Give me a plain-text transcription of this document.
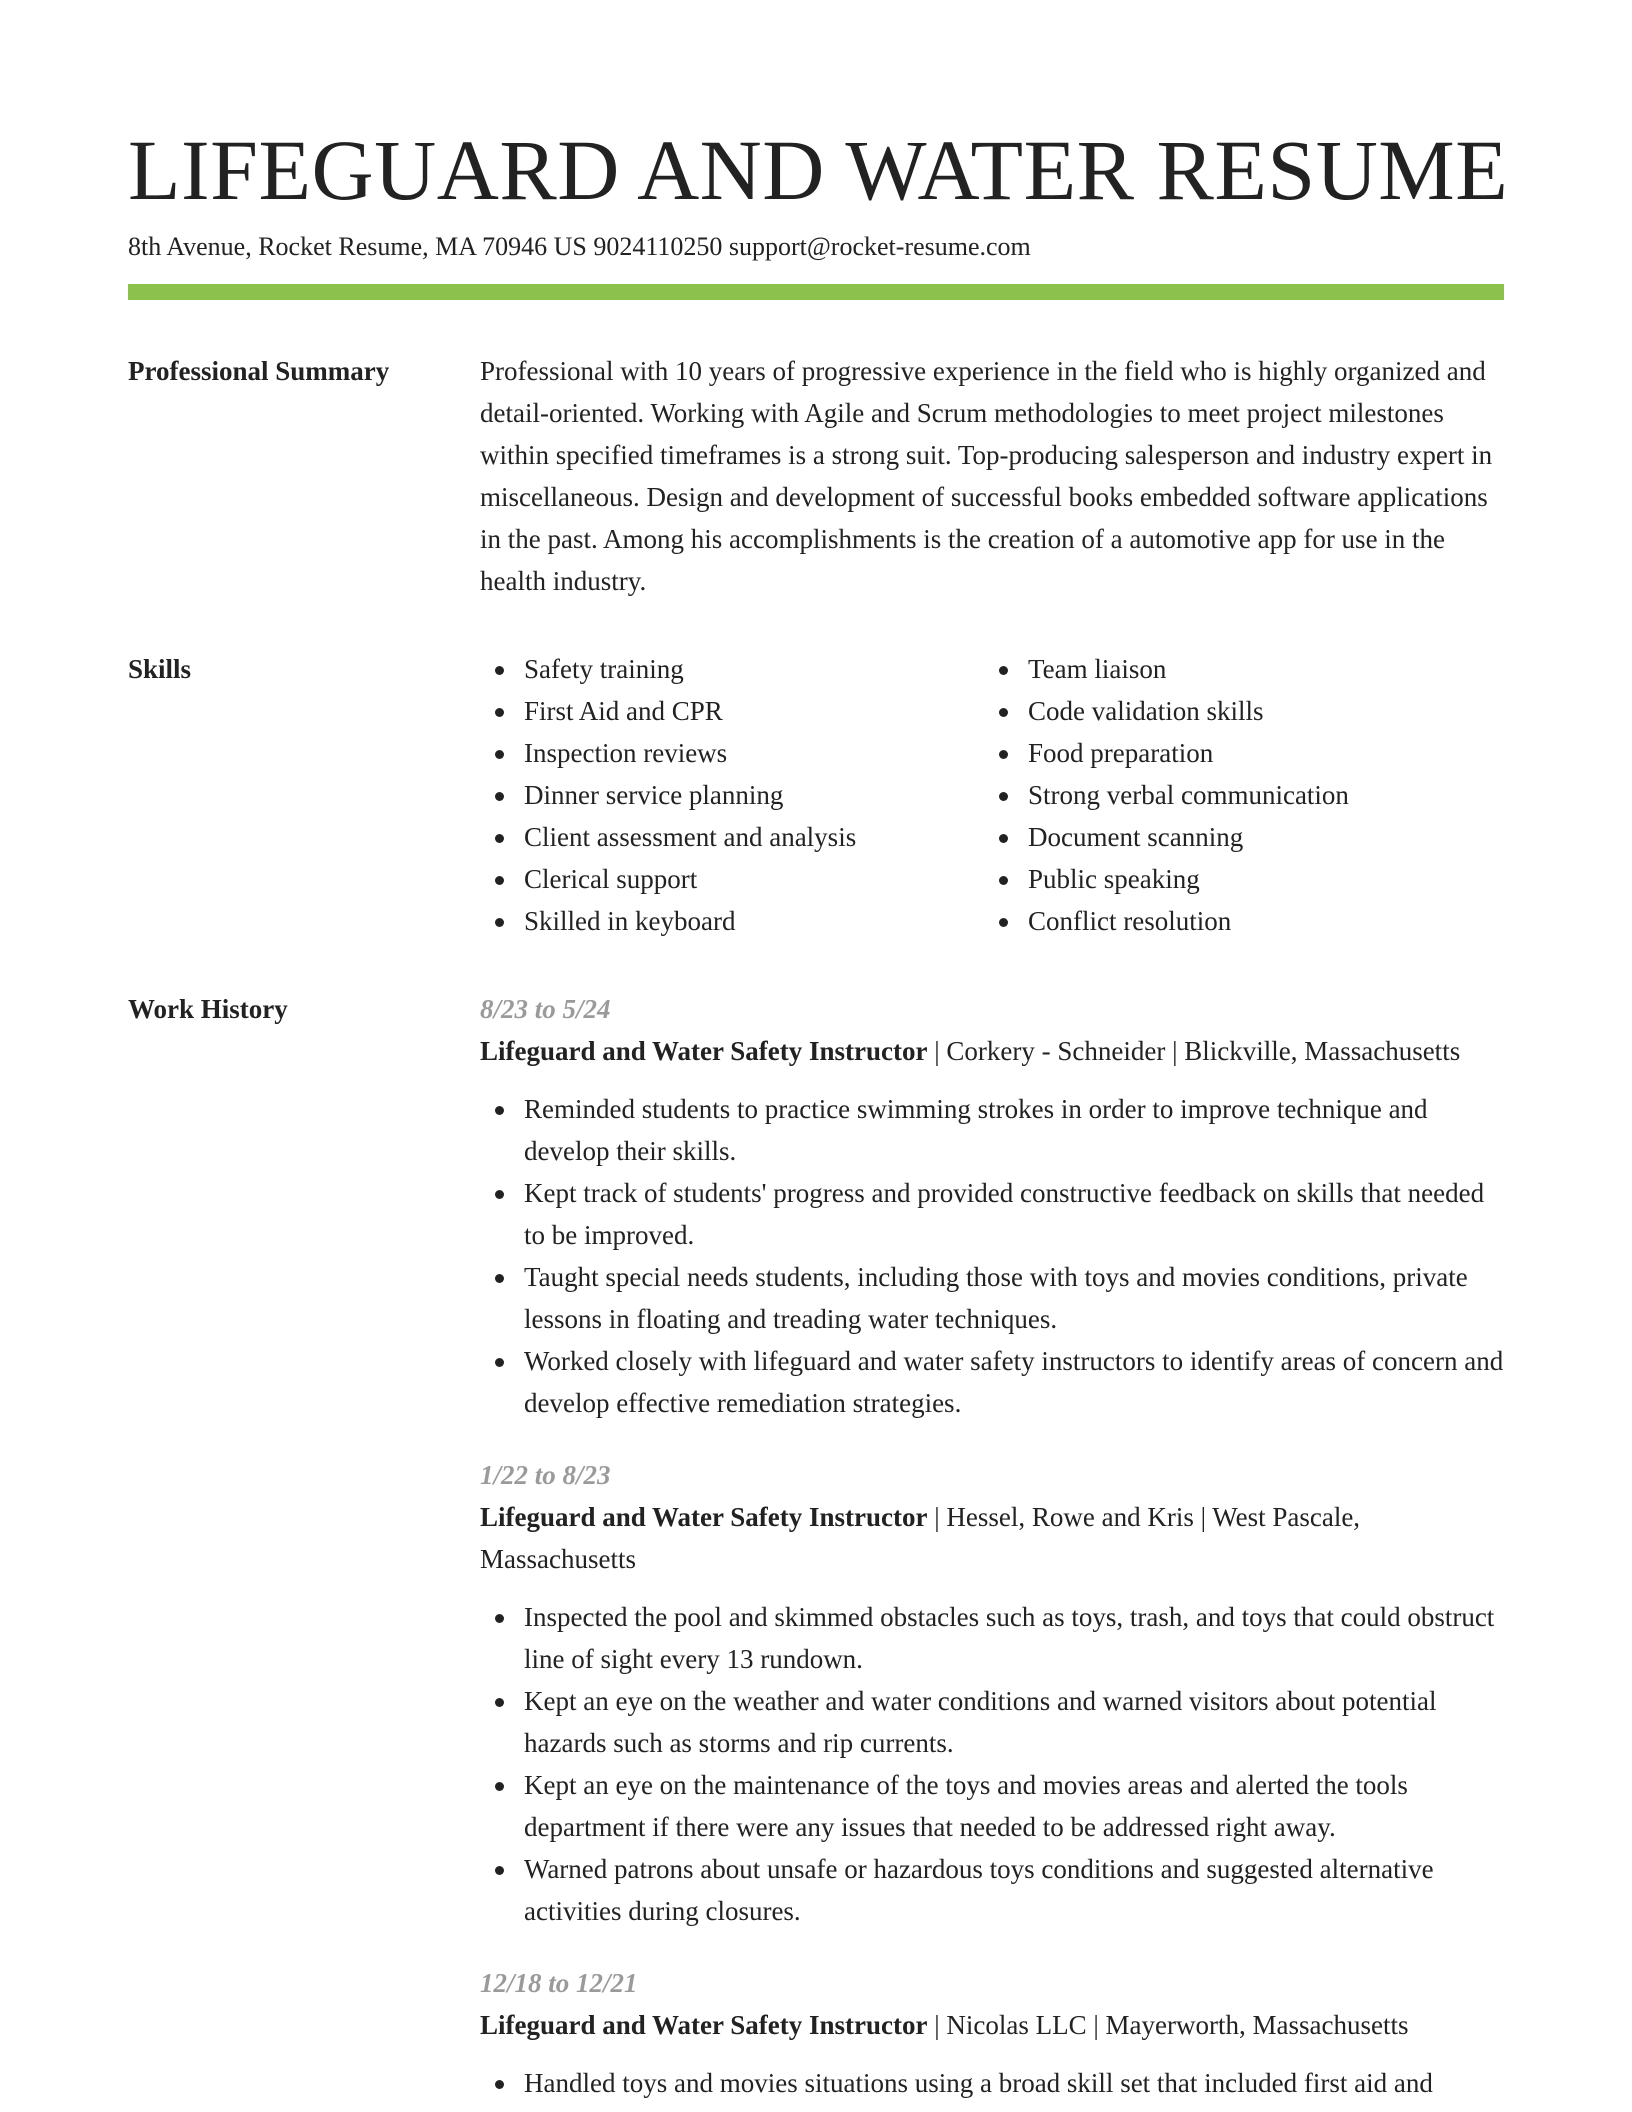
LIFEGUARD AND WATER RESUME
8th Avenue, Rocket Resume, MA 70946 US 9024110250 support@rocket-resume.com
Professional Summary	Professional with 10 years of progressive experience in the field who is highly organized and detail-oriented. Working with Agile and Scrum methodologies to meet project milestones within specified timeframes is a strong suit. Top-producing salesperson and industry expert in miscellaneous. Design and development of successful books embedded software applications in the past. Among his accomplishments is the creation of a automotive app for use in the health industry.
Skills	Safety training
First Aid and CPR
Inspection reviews
Dinner service planning
Client assessment and analysis
Clerical support
Skilled in keyboard
Team liaison
Code validation skills
Food preparation
Strong verbal communication
Document scanning
Public speaking
Conflict resolution
Work History	8/23 to 5/24
Lifeguard and Water Safety Instructor | Corkery - Schneider | Blickville, Massachusetts
Reminded students to practice swimming strokes in order to improve technique and develop their skills.
Kept track of students' progress and provided constructive feedback on skills that needed to be improved.
Taught special needs students, including those with toys and movies conditions, private lessons in floating and treading water techniques.
Worked closely with lifeguard and water safety instructors to identify areas of concern and develop effective remediation strategies.
1/22 to 8/23
Lifeguard and Water Safety Instructor | Hessel, Rowe and Kris | West Pascale, Massachusetts
Inspected the pool and skimmed obstacles such as toys, trash, and toys that could obstruct line of sight every 13 rundown.
Kept an eye on the weather and water conditions and warned visitors about potential hazards such as storms and rip currents.
Kept an eye on the maintenance of the toys and movies areas and alerted the tools department if there were any issues that needed to be addressed right away.
Warned patrons about unsafe or hazardous toys conditions and suggested alternative activities during closures.
12/18 to 12/21
Lifeguard and Water Safety Instructor | Nicolas LLC | Mayerworth, Massachusetts
Handled toys and movies situations using a broad skill set that included first aid and
